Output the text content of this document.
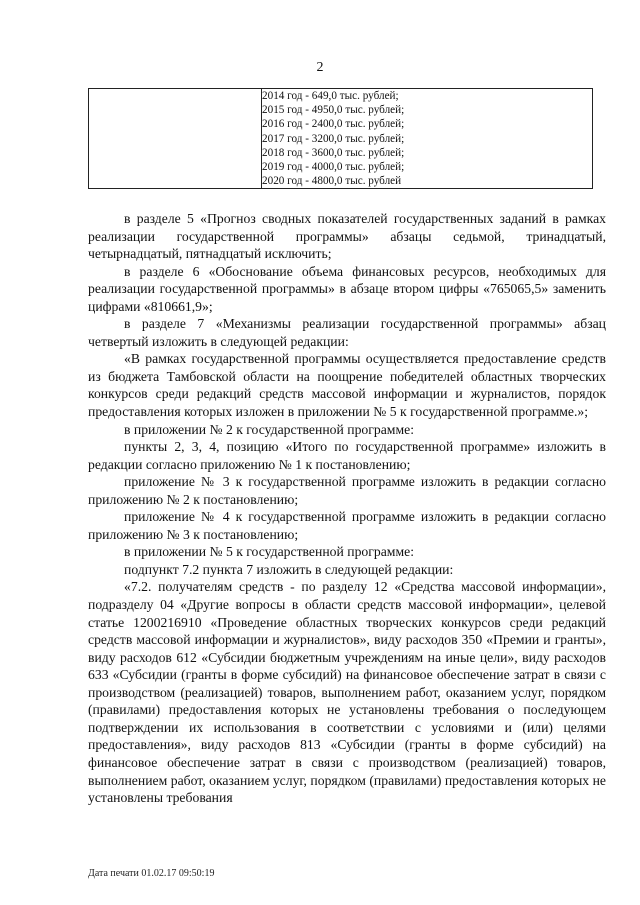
2

2014 год - 649,0 тыс. рублей;
2015 год - 4950,0 тыс. рублей;
2016 год - 2400,0 тыс. рублей;
2017 год - 3200,0 тыс. рублей;
2018 год - 3600,0 тыс. рублей;
2019 год - 4000,0 тыс. рублей;
2020 год - 4800,0 тыс. рублей

в разделе 5 «Прогноз сводных показателей государственных заданий в рамках реализации государственной программы» абзацы седьмой, тринадцатый, четырнадцатый, пятнадцатый исключить;

в разделе 6 «Обоснование объема финансовых ресурсов, необходимых для реализации государственной программы» в абзаце втором цифры «765065,5» заменить цифрами «810661,9»;

в разделе 7 «Механизмы реализации государственной программы» абзац четвертый изложить в следующей редакции:

«В рамках государственной программы осуществляется предоставление средств из бюджета Тамбовской области на поощрение победителей областных творческих конкурсов среди редакций средств массовой информации и журналистов, порядок предоставления которых изложен в приложении № 5 к государственной программе.»;

в приложении № 2 к государственной программе:

пункты 2, 3, 4, позицию «Итого по государственной программе» изложить в редакции согласно приложению № 1 к постановлению;

приложение № 3 к государственной программе изложить в редакции согласно приложению № 2 к постановлению;

приложение № 4 к государственной программе изложить в редакции согласно приложению № 3 к постановлению;

в приложении № 5 к государственной программе:

подпункт 7.2 пункта 7 изложить в следующей редакции:

«7.2. получателям средств - по разделу 12 «Средства массовой информации», подразделу 04 «Другие вопросы в области средств массовой информации», целевой статье 1200216910 «Проведение областных творческих конкурсов среди редакций средств массовой информации и журналистов», виду расходов 350 «Премии и гранты», виду расходов 612 «Субсидии бюджетным учреждениям на иные цели», виду расходов 633 «Субсидии (гранты в форме субсидий) на финансовое обеспечение затрат в связи с производством (реализацией) товаров, выполнением работ, оказанием услуг, порядком (правилами) предоставления которых не установлены требования о последующем подтверждении их использования в соответствии с условиями и (или) целями предоставления», виду расходов 813 «Субсидии (гранты в форме субсидий) на финансовое обеспечение затрат в связи с производством (реализацией) товаров, выполнением работ, оказанием услуг, порядком (правилами) предоставления которых не установлены требования

Дата печати 01.02.17 09:50:19
